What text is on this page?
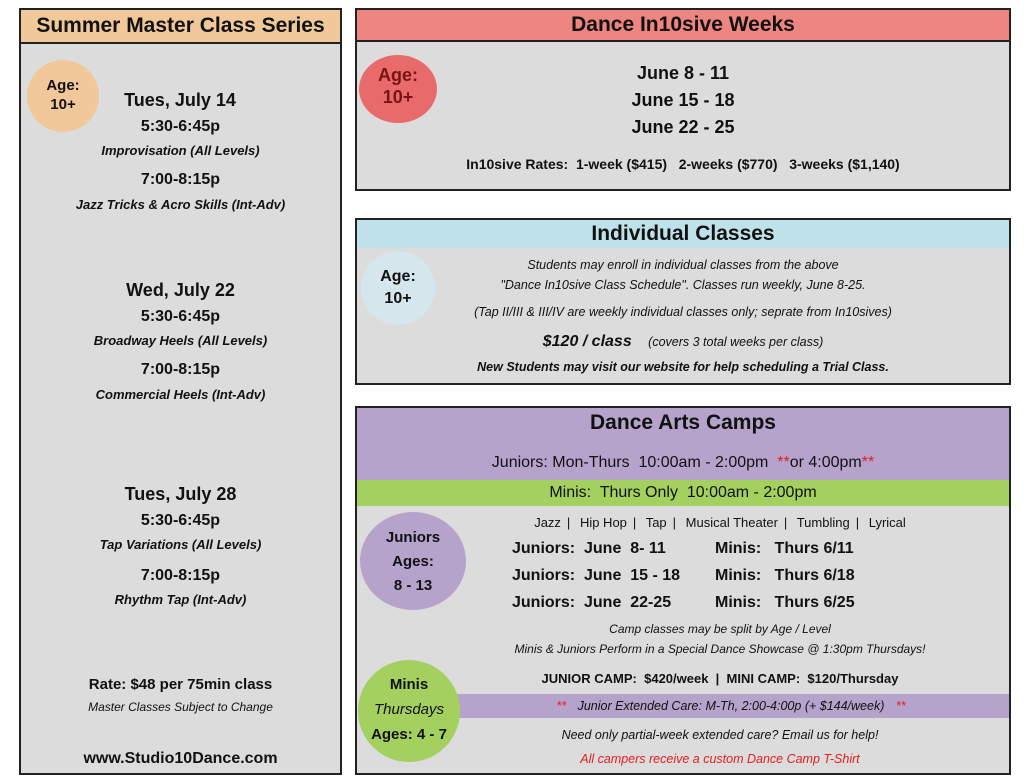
Summer Master Class Series
Age:
10+	Tues, July 14
5:30-6:45p
Improvisation (All Levels)
7:00-8:15p
Jazz Tricks & Acro Skills (Int-Adv)
Wed, July 22
5:30-6:45p
Broadway Heels (All Levels)
7:00-8:15p
Commercial Heels (Int-Adv)
Tues, July 28
5:30-6:45p
Tap Variations (All Levels)
7:00-8:15p
Rhythm Tap (Int-Adv)
Rate: $48 per 75min class
Master Classes Subject to Change
www.Studio10Dance.com
Dance In10sive Weeks
Age:
10+
June 8 - 11
June 15 - 18
June 22 - 25
In10sive Rates:  1-week ($415)   2-weeks ($770)   3-weeks ($1,140)
Individual Classes
Age:
10+
Students may enroll in individual classes from the above
"Dance In10sive Class Schedule". Classes run weekly, June 8-25.
(Tap II/III & III/IV are weekly individual classes only; seprate from In10sives)
$120 / class (covers 3 total weeks per class)
New Students may visit our website for help scheduling a Trial Class.
Dance Arts Camps
Juniors: Mon-Thurs  10:00am - 2:00pm  **or 4:00pm**
Minis:  Thurs Only  10:00am - 2:00pm
Juniors
Ages:
8 - 13
Jazz | Hip Hop | Tap | Musical Theater | Tumbling | Lyrical
Juniors:  June  8- 11	Minis:   Thurs 6/11
Juniors:  June  15 - 18 Minis:   Thurs 6/18
Juniors:  June  22-25	Minis:   Thurs 6/25
Camp classes may be split by Age / Level
Minis & Juniors Perform in a Special Dance Showcase @ 1:30pm Thursdays!
Minis
Thursdays
Ages: 4 - 7
JUNIOR CAMP:  $420/week  |  MINI CAMP:  $120/Thursday
** Junior Extended Care: M-Th, 2:00-4:00p (+ $144/week) **
Need only partial-week extended care? Email us for help!
All campers receive a custom Dance Camp T-Shirt
